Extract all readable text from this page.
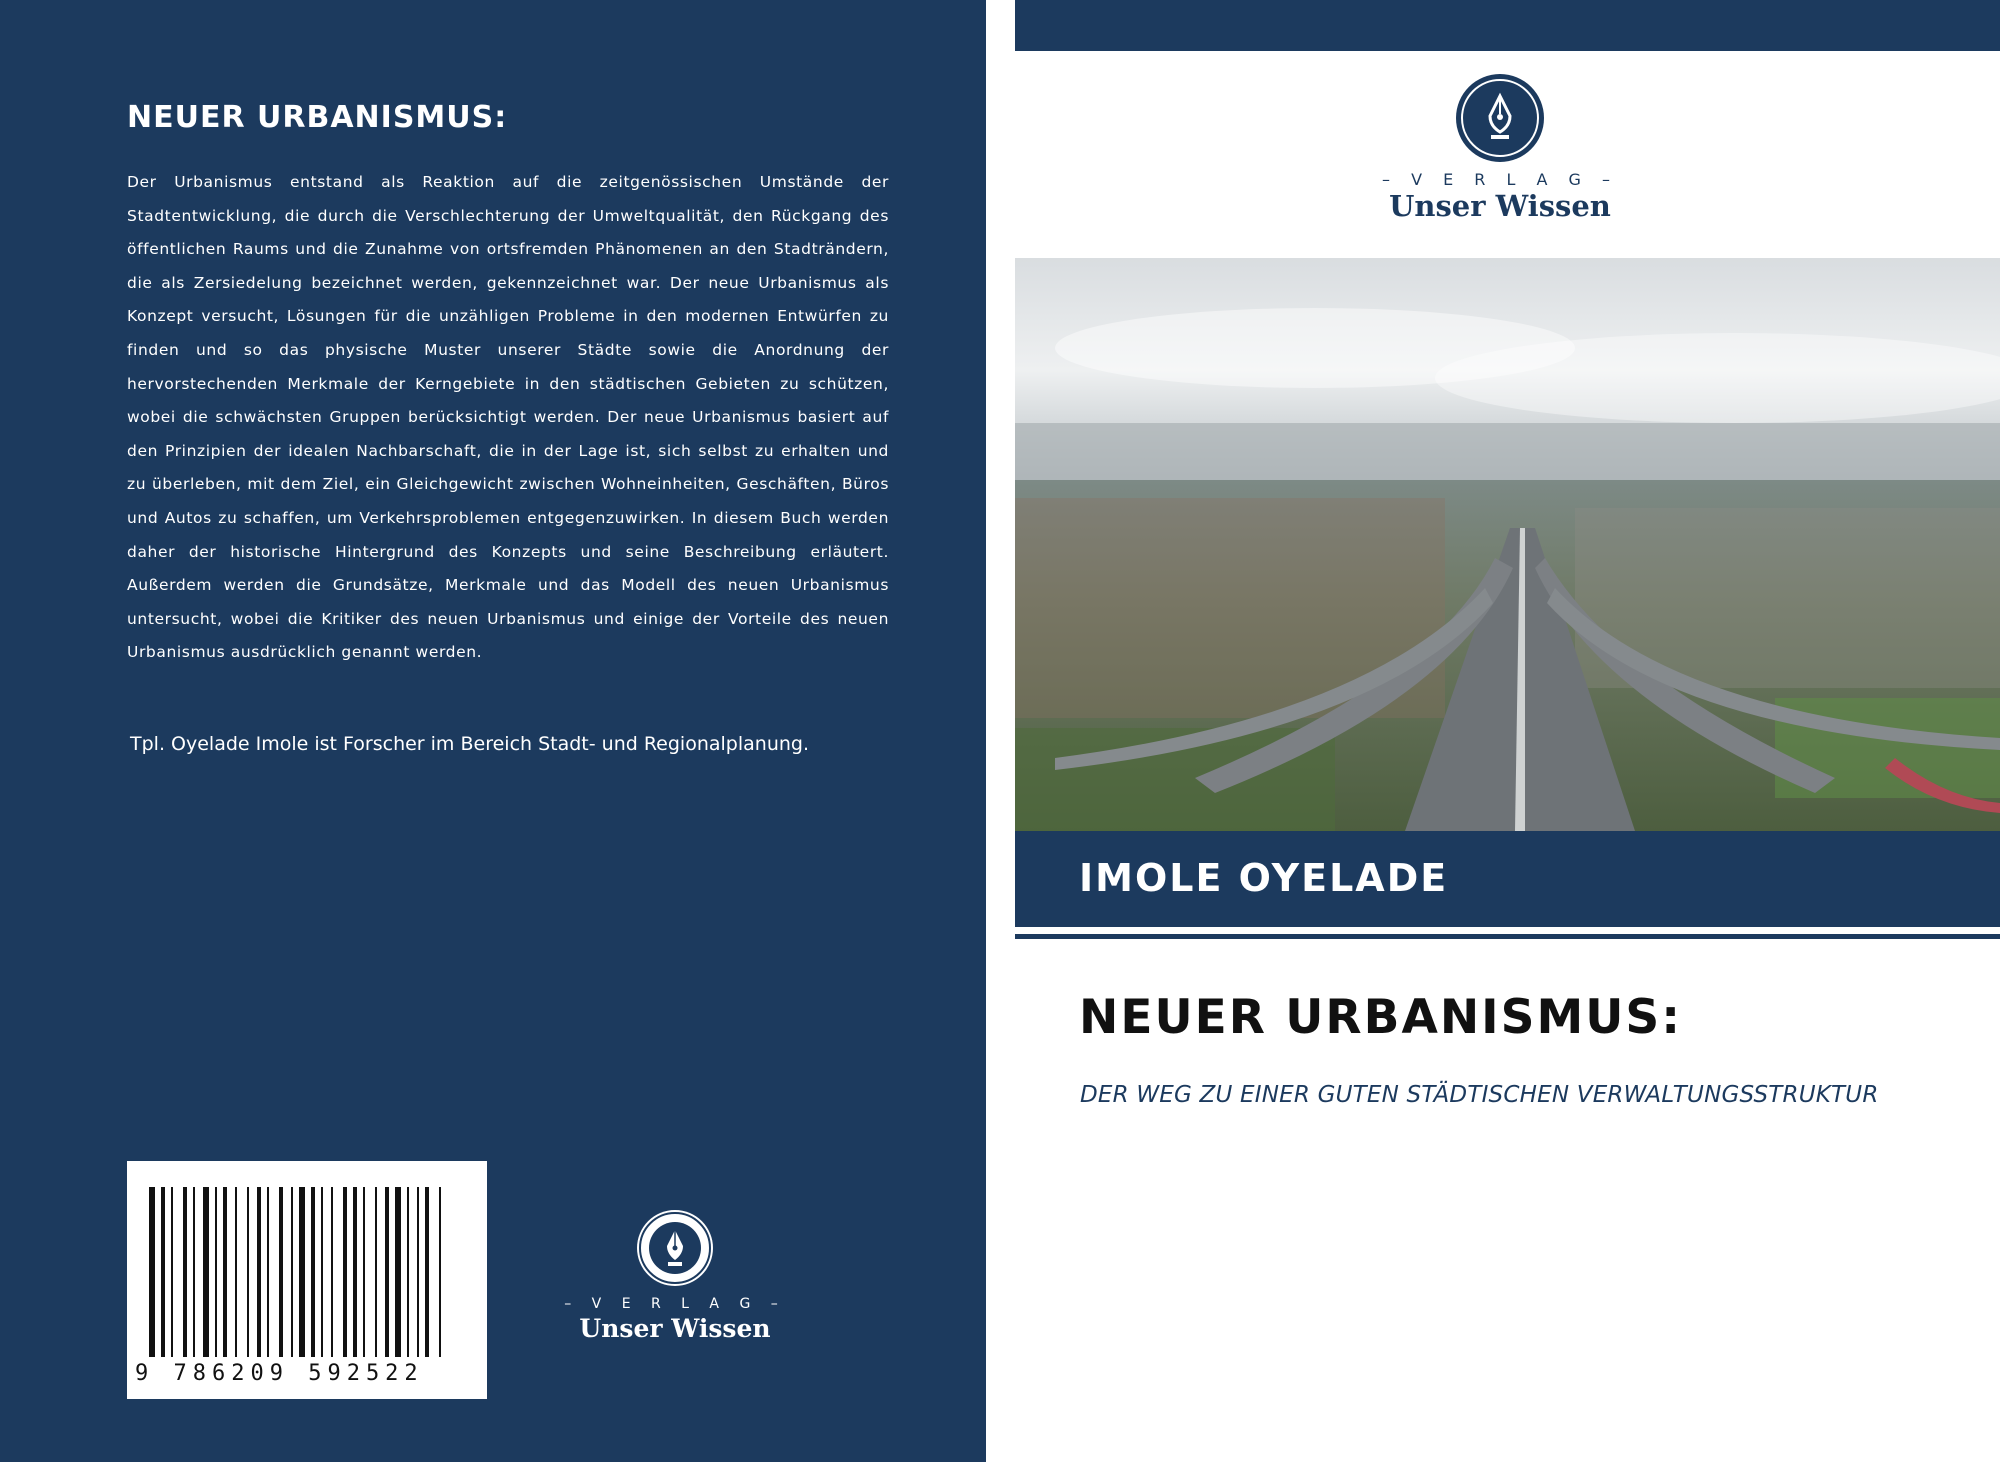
NEUER URBANISMUS:
Der Urbanismus entstand als Reaktion auf die zeitgenössischen Umstände der Stadtentwicklung, die durch die Verschlechterung der Umweltqualität, den Rückgang des öffentlichen Raums und die Zunahme von ortsfremden Phänomenen an den Stadträndern, die als Zersiedelung bezeichnet werden, gekennzeichnet war. Der neue Urbanismus als Konzept versucht, Lösungen für die unzähligen Probleme in den modernen Entwürfen zu finden und so das physische Muster unserer Städte sowie die Anordnung der hervorstechenden Merkmale der Kerngebiete in den städtischen Gebieten zu schützen, wobei die schwächsten Gruppen berücksichtigt werden. Der neue Urbanismus basiert auf den Prinzipien der idealen Nachbarschaft, die in der Lage ist, sich selbst zu erhalten und zu überleben, mit dem Ziel, ein Gleichgewicht zwischen Wohneinheiten, Geschäften, Büros und Autos zu schaffen, um Verkehrsproblemen entgegenzuwirken. In diesem Buch werden daher der historische Hintergrund des Konzepts und seine Beschreibung erläutert. Außerdem werden die Grundsätze, Merkmale und das Modell des neuen Urbanismus untersucht, wobei die Kritiker des neuen Urbanismus und einige der Vorteile des neuen Urbanismus ausdrücklich genannt werden.
Tpl. Oyelade Imole ist Forscher im Bereich Stadt- und Regionalplanung.
9 786209 592522
– V E R L A G –
Unser Wissen
– V E R L A G –
Unser Wissen
IMOLE OYELADE
NEUER URBANISMUS:
DER WEG ZU EINER GUTEN STÄDTISCHEN VERWALTUNGSSTRUKTUR
